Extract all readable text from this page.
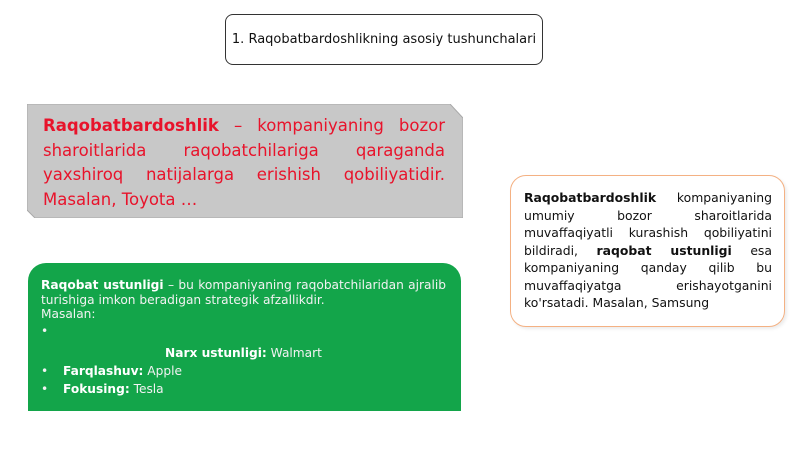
1. Raqobatbardoshlikning asosiy tushunchalari
Raqobatbardoshlik – kompaniyaning bozor sharoitlarida raqobatchilariga qaraganda yaxshiroq natijalarga erishish qobiliyatidir. Masalan, Toyota …	Raqobatbardoshlik kompaniyaning umumiy bozor sharoitlarida muvaffaqiyatli kurashish qobiliyatini bildiradi, raqobat ustunligi esa kompaniyaning qanday qilib bu muvaffaqiyatga erishayotganini ko'rsatadi. Masalan, Samsung
Raqobat ustunligi – bu kompaniyaning raqobatchilaridan ajralib turishiga imkon beradigan strategik afzallikdir.
Masalan:
•
Narx ustunligi: Walmart
• Farqlashuv: Apple
• Fokusing: Tesla
